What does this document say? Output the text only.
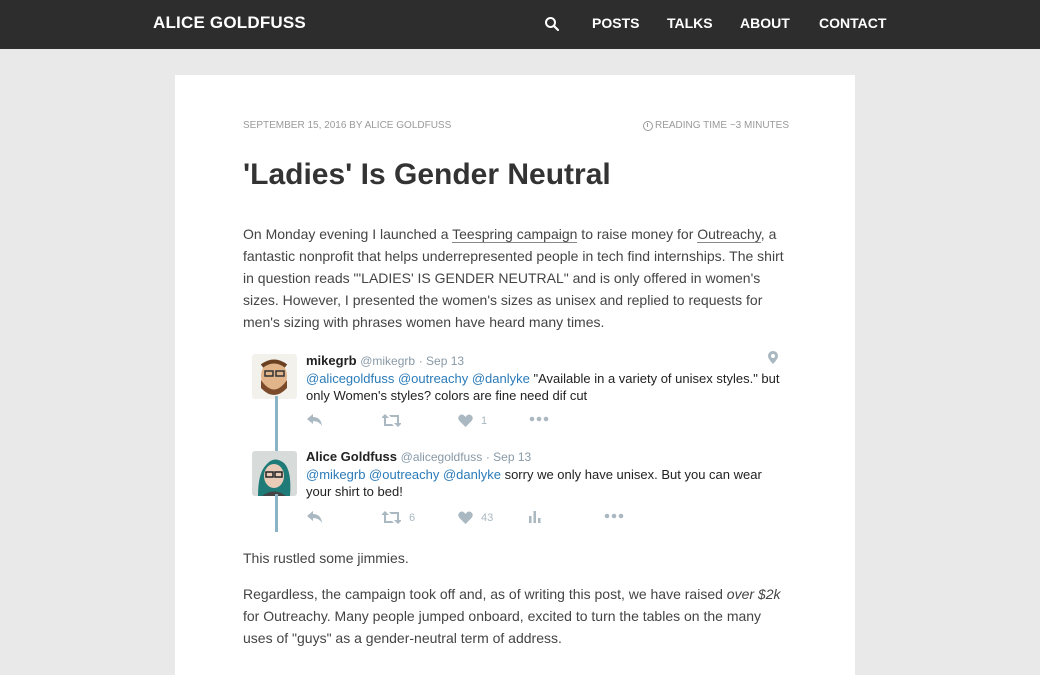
ALICE GOLDFUSS	POSTS TALKS ABOUT CONTACT
SEPTEMBER 15, 2016 BY ALICE GOLDFUSS	READING TIME ~3 MINUTES
'Ladies' Is Gender Neutral

On Monday evening I launched a Teespring campaign to raise money for Outreachy, a fantastic nonprofit that helps underrepresented people in tech find internships. The shirt in question reads "'LADIES' IS GENDER NEUTRAL" and is only offered in women's sizes. However, I presented the women's sizes as unisex and replied to requests for men's sizing with phrases women have heard many times.

mikegrb @mikegrb · Sep 13
@alicegoldfuss @outreachy @danlyke "Available in a variety of unisex styles." but only Women's styles? colors are fine need dif cut
1
Alice Goldfuss @alicegoldfuss · Sep 13
@mikegrb @outreachy @danlyke sorry we only have unisex. But you can wear your shirt to bed!
6	43

This rustled some jimmies.

Regardless, the campaign took off and, as of writing this post, we have raised over $2k for Outreachy. Many people jumped onboard, excited to turn the tables on the many uses of "guys" as a gender-neutral term of address.
